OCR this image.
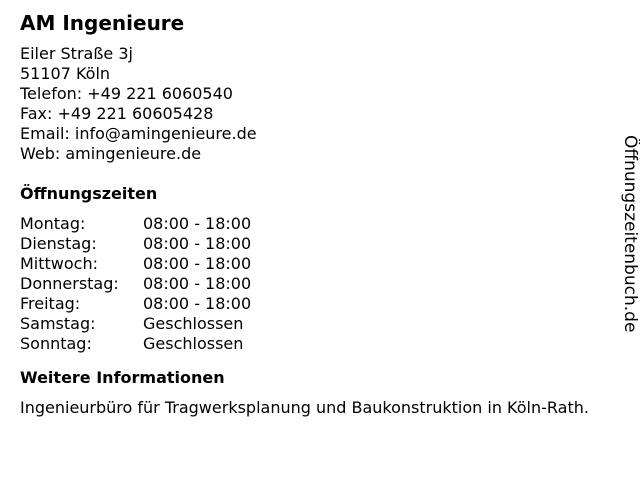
AM Ingenieure
Eiler Straße 3j
51107 Köln
Telefon: +49 221 6060540
Fax: +49 221 60605428
Email: info@amingenieure.de
Web: amingenieure.de
Öffnungszeiten
Montag:	08:00 - 18:00
Dienstag:	08:00 - 18:00
Mittwoch:	08:00 - 18:00
Donnerstag:	08:00 - 18:00
Freitag:	08:00 - 18:00
Samstag:	Geschlossen
Sonntag:	Geschlossen
Weitere Informationen
Ingenieurbüro für Tragwerksplanung und Baukonstruktion in Köln-Rath.
Öffnungszeitenbuch.de
